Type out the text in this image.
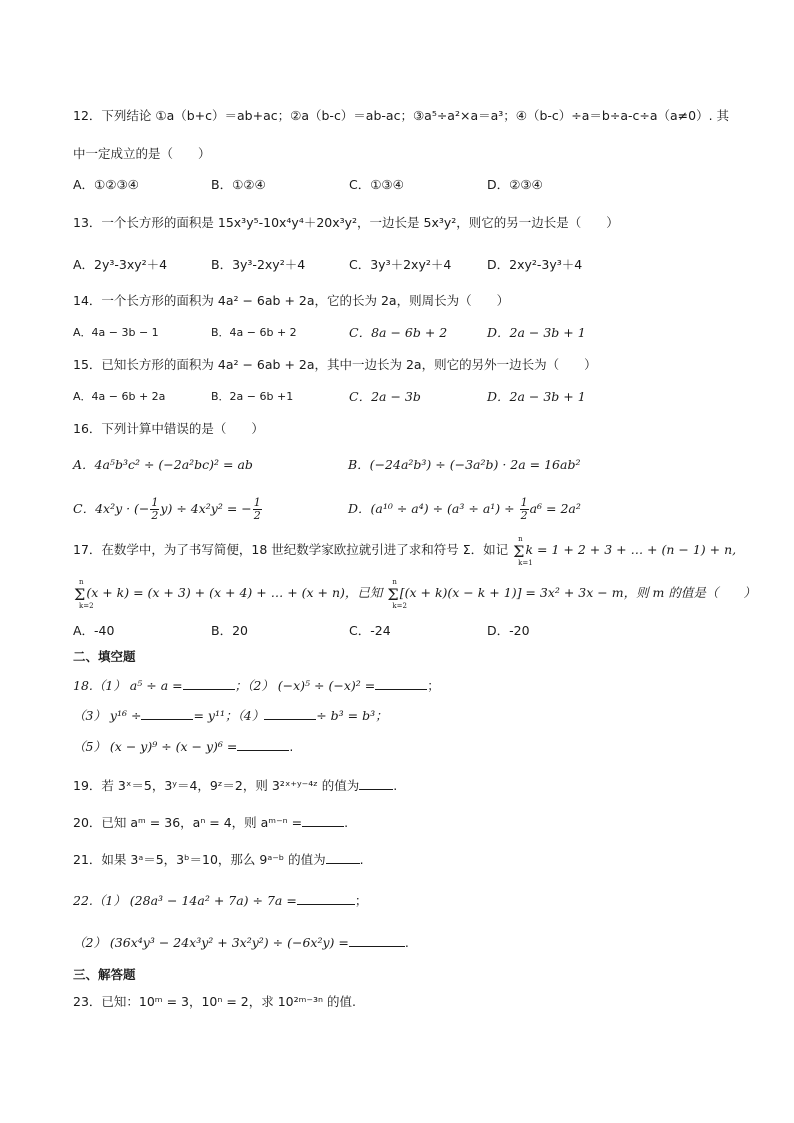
12．下列结论 ①a（b+c）＝ab+ac；②a（b-c）＝ab-ac；③a⁵÷a²×a＝a³；④（b-c）÷a＝b÷a-c÷a（a≠0）. 其
中一定成立的是（　　）
A．①②③④	B．①②④	C．①③④	D．②③④
13．一个长方形的面积是 15x³y⁵-10x⁴y⁴＋20x³y²，一边长是 5x³y²，则它的另一边长是（　　）
A．2y³-3xy²＋4	B．3y³-2xy²＋4	C．3y³＋2xy²＋4	D．2xy²-3y³＋4
14．一个长方形的面积为 4a² − 6ab + 2a，它的长为 2a，则周长为（　　）
A．4a − 3b − 1	B．4a − 6b + 2	C．8a − 6b + 2	D．2a − 3b + 1
15．已知长方形的面积为 4a² − 6ab + 2a，其中一边长为 2a，则它的另外一边长为（　　）
A．4a − 6b + 2a	B．2a − 6b +1	C．2a − 3b	D．2a − 3b + 1
16．下列计算中错误的是（　　）
A．4a⁵b³c² ÷ (−2a²bc)² = ab	B．(−24a²b³) ÷ (−3a²b) · 2a = 16ab²
C．4x²y · (− $\frac{1}{2} y) \div 4x^2y^2$ = − $\frac{1}{2}$	D．$(a^{10} \div a^4) \div (a^3 \div a^1) \div \frac{1}{2} a^6 = 2a^2$
17．在数学中，为了书写简便，18 世纪数学家欧拉就引进了求和符号 Σ．如记 Σ
n
k=1
k = 1 + 2 + 3 + … + (n − 1) + n,
Σ
n
k=2
(x + k) = (x + 3) + (x + 4) + … + (x + n)，已知 Σ
n
k=2
[(x + k)(x − k + 1)] = 3x² + 3x − m，则 m 的值是（　　）
A．-40	B．20	C．-24	D．-20
二、填空题
18.（1） a⁵ ÷ a =	；（2） (−x)⁵ ÷ (−x)² =	；
（3） y¹⁶ ÷	= y¹¹；（4）	÷ b³ = b³；
（5） (x − y)⁹ ÷ (x − y)⁶ =	.
19．若 3ˣ＝5，3ʸ＝4，9ᶻ＝2，则 3²ˣ⁺ʸ⁻⁴ᶻ 的值为	.
20．已知 aᵐ = 36，aⁿ = 4，则 aᵐ⁻ⁿ =	.
21．如果 3ᵃ＝5，3ᵇ＝10，那么 9ᵃ⁻ᵇ 的值为	.
22.（1） (28a³ − 14a² + 7a) ÷ 7a =	；
（2） (36x⁴y³ − 24x³y² + 3x²y²) ÷ (−6x²y) =	.
三、解答题
23．已知：10ᵐ = 3，10ⁿ = 2，求 10²ᵐ⁻³ⁿ 的值.
